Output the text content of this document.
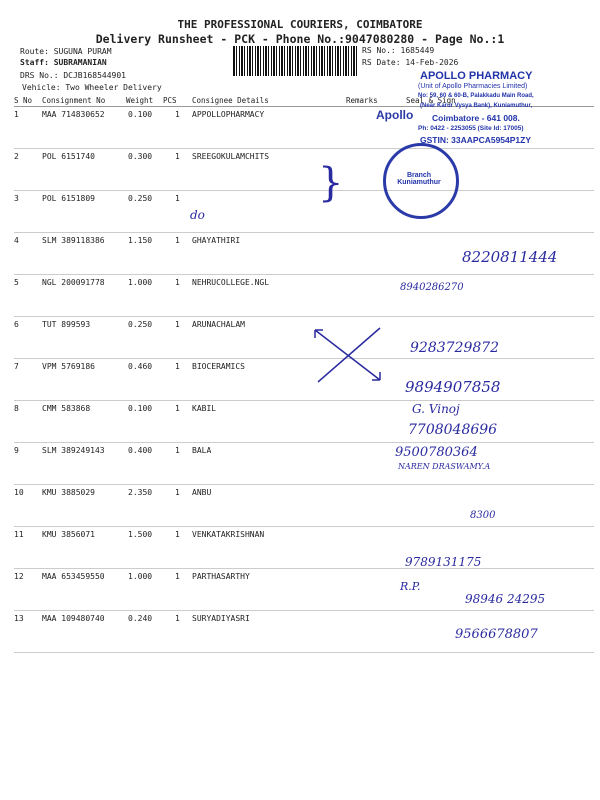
THE PROFESSIONAL COURIERS, COIMBATORE
Delivery Runsheet - PCK - Phone No.:9047080280 - Page No.:1
Route: SUGUNA PURAM
Staff: SUBRAMANIAN
DRS No.: DCJB168544901
Vehicle: Two Wheeler Delivery
RS No.: 1685449
RS Date: 14-Feb-2026
S No Consignment No	Weight PCS Consignee Details	Remarks	Seal & Sign
1	MAA 714830652	0.100	1 APPOLLOPHARMACY
2	POL 6151740	0.300	1 SREEGOKULAMCHITS
3	POL 6151809	0.250	1
4	SLM 389118386	1.150	1 GHAYATHIRI
5	NGL 200091778	1.000	1 NEHRUCOLLEGE.NGL
6	TUT 899593	0.250	1 ARUNACHALAM
7	VPM 5769186	0.460	1 BIOCERAMICS
8	CMM 583868	0.100	1 KABIL
9	SLM 389249143	0.400	1 BALA
10 KMU 3885029	2.350	1 ANBU
11 KMU 3856071	1.500	1 VENKATAKRISHNAN
12 MAA 653459550	1.000	1 PARTHASARTHY
13 MAA 109480740	0.240	1 SURYADIYASRI
APOLLO PHARMACY
(Unit of Apollo Pharmacies Limited)
No: 59, 60 & 60-B, Palakkadu Main Road,
(Near Karur Vysya Bank), Kuniamuthur,
Coimbatore - 641 008.
Ph: 0422 - 2253055 (Site Id: 17005)
GSTIN: 33AAPCA5954P1ZY
Apollo
Branch Kuniamuthur
do
}
8220811444
8940286270
9283729872
9894907858
G. Vinoj
7708048696
9500780364
NAREN DRASWAMY.A
8300
9789131175
R.P.
98946 24295
9566678807
